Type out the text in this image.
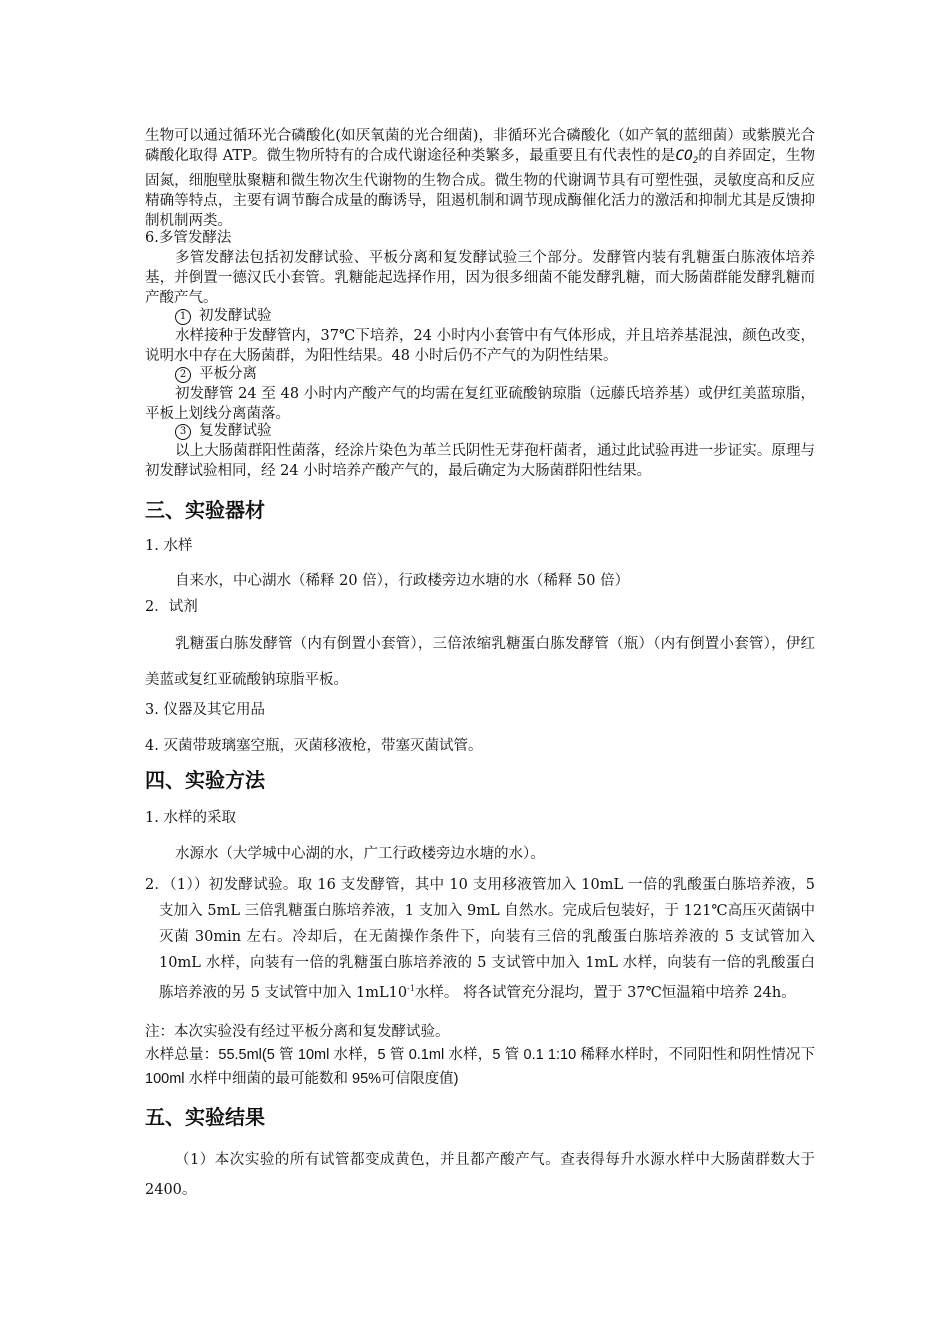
生物可以通过循环光合磷酸化(如厌氧菌的光合细菌)，非循环光合磷酸化（如产氧的蓝细菌）或紫膜光合磷酸化取得 ATP。微生物所特有的合成代谢途径种类繁多，最重要且有代表性的是$CO_2$的自养固定，生物固氮，细胞壁肽聚糖和微生物次生代谢物的生物合成。微生物的代谢调节具有可塑性强，灵敏度高和反应精确等特点，主要有调节酶合成量的酶诱导，阻遏机制和调节现成酶催化活力的激活和抑制尤其是反馈抑制机制两类。

6.多管发酵法

多管发酵法包括初发酵试验、平板分离和复发酵试验三个部分。发酵管内装有乳糖蛋白胨液体培养基，并倒置一德汉氏小套管。乳糖能起选择作用，因为很多细菌不能发酵乳糖，而大肠菌群能发酵乳糖而产酸产气。

1 初发酵试验

水样接种于发酵管内，37℃下培养，24 小时内小套管中有气体形成，并且培养基混浊，颜色改变，说明水中存在大肠菌群，为阳性结果。48 小时后仍不产气的为阴性结果。

2 平板分离

初发酵管 24 至 48 小时内产酸产气的均需在复红亚硫酸钠琼脂（远藤氏培养基）或伊红美蓝琼脂，平板上划线分离菌落。

3 复发酵试验

以上大肠菌群阳性菌落，经涂片染色为革兰氏阴性无芽孢杆菌者，通过此试验再进一步证实。原理与初发酵试验相同，经 24 小时培养产酸产气的，最后确定为大肠菌群阳性结果。

三、实验器材

1. 水样

自来水，中心湖水（稀释 20 倍），行政楼旁边水塘的水（稀释 50 倍）

2．试剂

乳糖蛋白胨发酵管（内有倒置小套管），三倍浓缩乳糖蛋白胨发酵管（瓶）（内有倒置小套管），伊红美蓝或复红亚硫酸钠琼脂平板。

3. 仪器及其它用品

4. 灭菌带玻璃塞空瓶，灭菌移液枪，带塞灭菌试管。

四、实验方法

1. 水样的采取

水源水（大学城中心湖的水，广工行政楼旁边水塘的水）。

2．（1））初发酵试验。取 16 支发酵管，其中 10 支用移液管加入 10mL 一倍的乳酸蛋白胨培养液，5 支加入 5mL 三倍乳糖蛋白胨培养液，1 支加入 9mL 自然水。完成后包装好，于 121℃高压灭菌锅中灭菌 30min 左右。冷却后，在无菌操作条件下，向装有三倍的乳酸蛋白胨培养液的 5 支试管加入 10mL 水样，向装有一倍的乳糖蛋白胨培养液的 5 支试管中加入 1mL 水样，向装有一倍的乳酸蛋白胨培养液的另 5 支试管中加入 $1mL10^{-1}$水样。 将各试管充分混均，置于 37℃恒温箱中培养 24h。

注：本次实验没有经过平板分离和复发酵试验。

水样总量：55.5ml(5 管 10ml 水样，5 管 0.1ml 水样，5 管 0.1 1:10 稀释水样时，不同阳性和阴性情况下 100ml 水样中细菌的最可能数和 95%可信限度值)

五、实验结果

（1）本次实验的所有试管都变成黄色，并且都产酸产气。查表得每升水源水样中大肠菌群数大于 2400。
